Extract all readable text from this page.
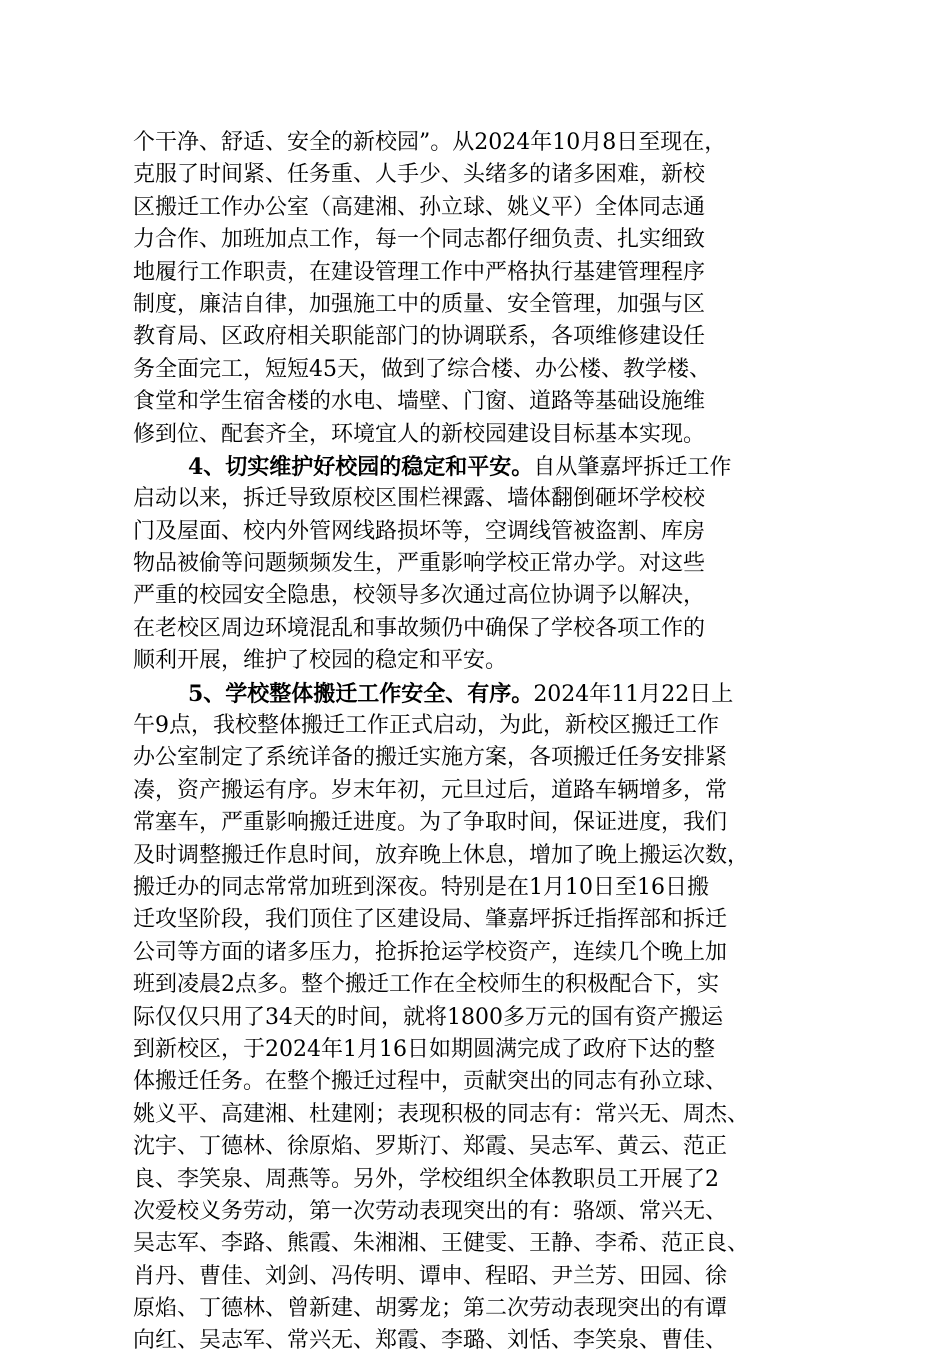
个干净、舒适、安全的新校园”。从2024年10月8日至现在，
克服了时间紧、任务重、人手少、头绪多的诸多困难，新校
区搬迁工作办公室（高建湘、孙立球、姚义平）全体同志通
力合作、加班加点工作，每一个同志都仔细负责、扎实细致
地履行工作职责，在建设管理工作中严格执行基建管理程序
制度，廉洁自律，加强施工中的质量、安全管理，加强与区
教育局、区政府相关职能部门的协调联系，各项维修建设任
务全面完工，短短45天，做到了综合楼、办公楼、教学楼、
食堂和学生宿舍楼的水电、墙壁、门窗、道路等基础设施维
修到位、配套齐全，环境宜人的新校园建设目标基本实现。
4、切实维护好校园的稳定和平安。自从肇嘉坪拆迁工作
启动以来，拆迁导致原校区围栏裸露、墙体翻倒砸坏学校校
门及屋面、校内外管网线路损坏等，空调线管被盗割、库房
物品被偷等问题频频发生，严重影响学校正常办学。对这些
严重的校园安全隐患，校领导多次通过高位协调予以解决，
在老校区周边环境混乱和事故频仍中确保了学校各项工作的
顺利开展，维护了校园的稳定和平安。
5、学校整体搬迁工作安全、有序。2024年11月22日上
午9点，我校整体搬迁工作正式启动，为此，新校区搬迁工作
办公室制定了系统详备的搬迁实施方案，各项搬迁任务安排紧
凑，资产搬运有序。岁末年初，元旦过后，道路车辆增多，常
常塞车，严重影响搬迁进度。为了争取时间，保证进度，我们
及时调整搬迁作息时间，放弃晚上休息，增加了晚上搬运次数，
搬迁办的同志常常加班到深夜。特别是在1月10日至16日搬
迁攻坚阶段，我们顶住了区建设局、肇嘉坪拆迁指挥部和拆迁
公司等方面的诸多压力，抢拆抢运学校资产，连续几个晚上加
班到凌晨2点多。整个搬迁工作在全校师生的积极配合下，实
际仅仅只用了34天的时间，就将1800多万元的国有资产搬运
到新校区，于2024年1月16日如期圆满完成了政府下达的整
体搬迁任务。在整个搬迁过程中，贡献突出的同志有孙立球、
姚义平、高建湘、杜建刚；表现积极的同志有：常兴无、周杰、
沈宇、丁德林、徐原焰、罗斯汀、郑霞、吴志军、黄云、范正
良、李笑泉、周燕等。另外，学校组织全体教职员工开展了2
次爱校义务劳动，第一次劳动表现突出的有：骆颂、常兴无、
吴志军、李路、熊霞、朱湘湘、王健雯、王静、李希、范正良、
肖丹、曹佳、刘剑、冯传明、谭申、程昭、尹兰芳、田园、徐
原焰、丁德林、曾新建、胡雾龙；第二次劳动表现突出的有谭
向红、吴志军、常兴无、郑霞、李璐、刘恬、李笑泉、曹佳、
